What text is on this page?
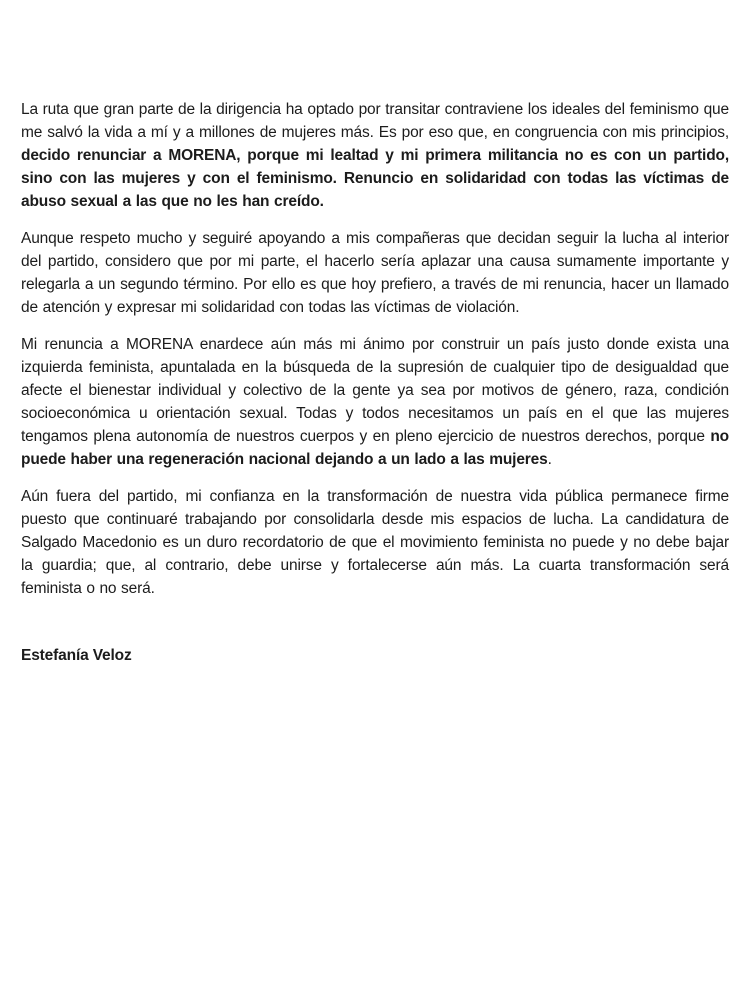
La ruta que gran parte de la dirigencia ha optado por transitar contraviene los ideales del feminismo que me salvó la vida a mí y a millones de mujeres más. Es por eso que, en congruencia con mis principios, decido renunciar a MORENA, porque mi lealtad y mi primera militancia no es con un partido, sino con las mujeres y con el feminismo. Renuncio en solidaridad con todas las víctimas de abuso sexual a las que no les han creído.

Aunque respeto mucho y seguiré apoyando a mis compañeras que decidan seguir la lucha al interior del partido, considero que por mi parte, el hacerlo sería aplazar una causa sumamente importante y relegarla a un segundo término. Por ello es que hoy prefiero, a través de mi renuncia, hacer un llamado de atención y expresar mi solidaridad con todas las víctimas de violación.

Mi renuncia a MORENA enardece aún más mi ánimo por construir un país justo donde exista una izquierda feminista, apuntalada en la búsqueda de la supresión de cualquier tipo de desigualdad que afecte el bienestar individual y colectivo de la gente ya sea por motivos de género, raza, condición socioeconómica u orientación sexual. Todas y todos necesitamos un país en el que las mujeres tengamos plena autonomía de nuestros cuerpos y en pleno ejercicio de nuestros derechos, porque no puede haber una regeneración nacional dejando a un lado a las mujeres.

Aún fuera del partido, mi confianza en la transformación de nuestra vida pública permanece firme puesto que continuaré trabajando por consolidarla desde mis espacios de lucha. La candidatura de Salgado Macedonio es un duro recordatorio de que el movimiento feminista no puede y no debe bajar la guardia; que, al contrario, debe unirse y fortalecerse aún más. La cuarta transformación será feminista o no será.

Estefanía Veloz
